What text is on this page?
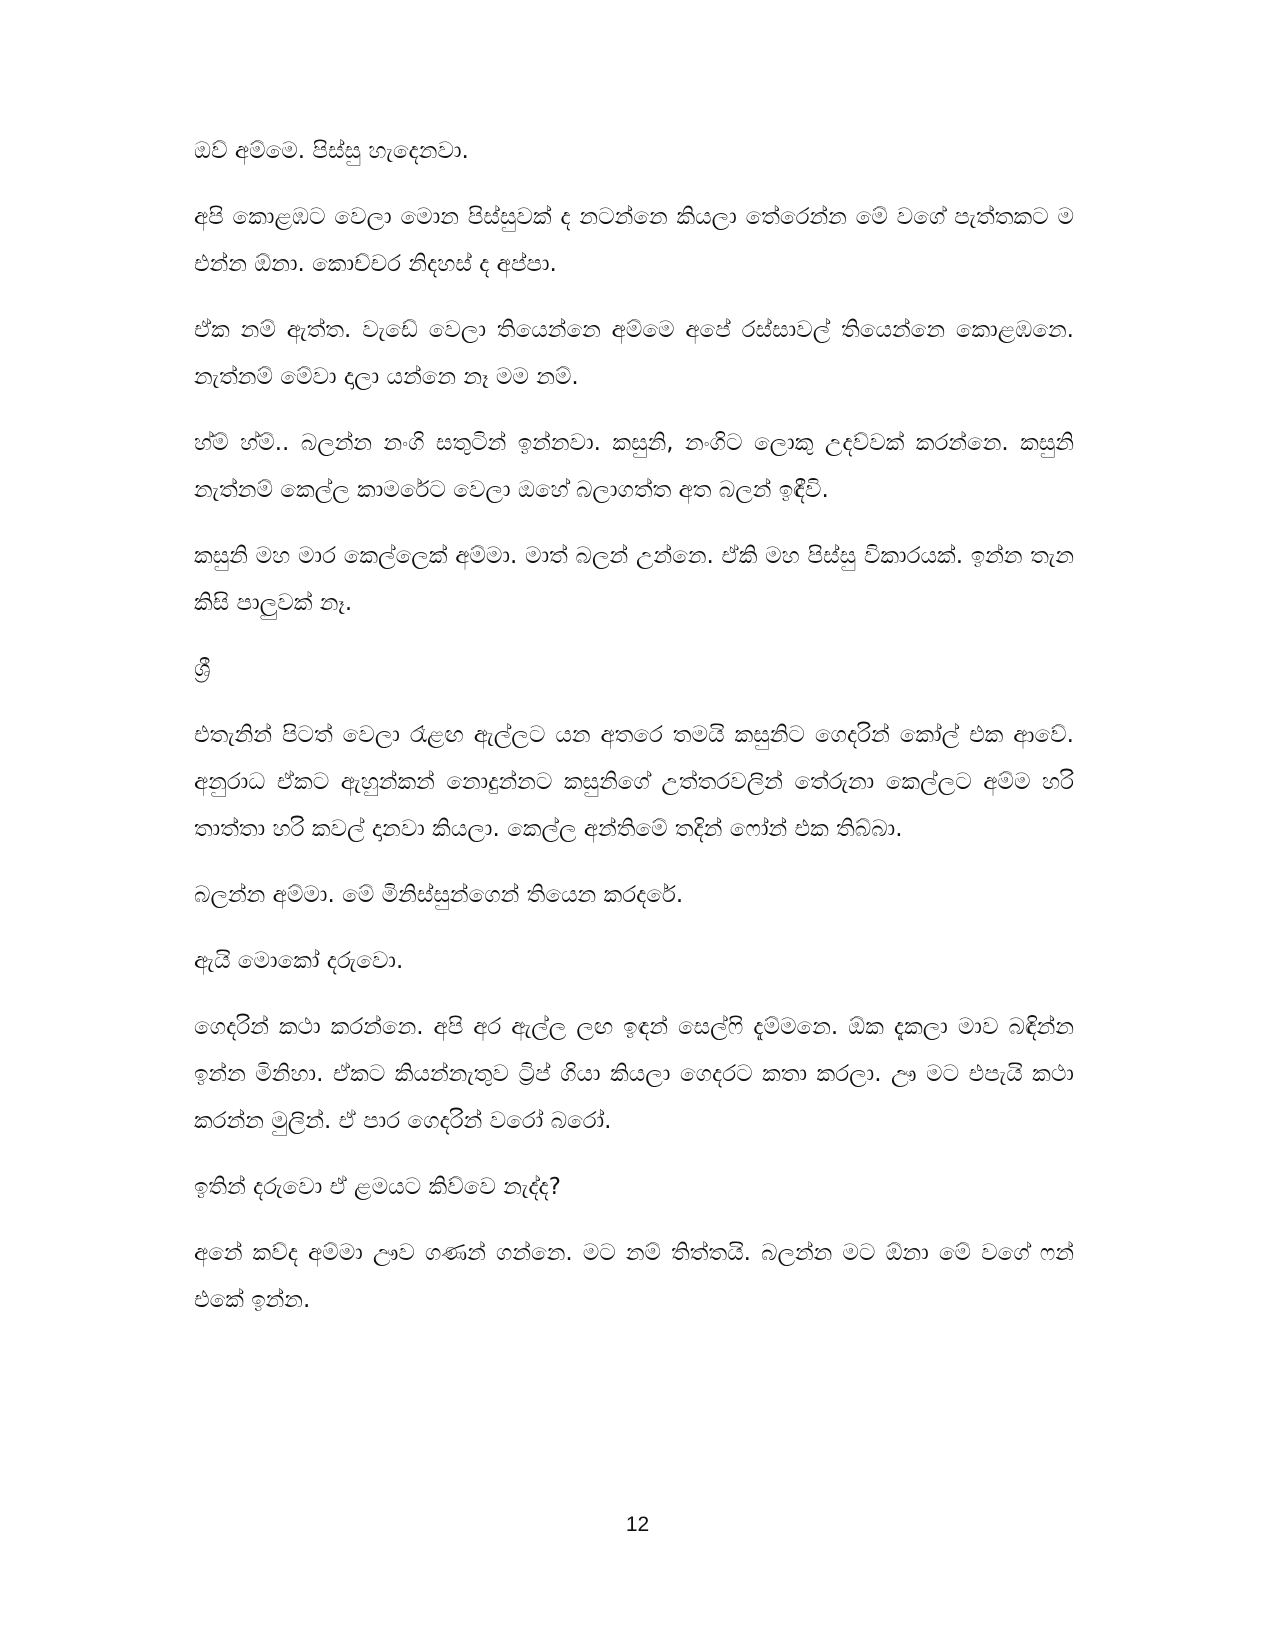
ඔව් අම්මෙ. පිස්සු හැදෙනවා.

අපි කොළඹට වෙලා මොන පිස්සුවක් ද නටන්නෙ කියලා තේරෙන්න මේ වගේ පැත්තකට ම එන්න ඕනා. කොච්චර නිදහස් ද අප්පා.

ඒක නම් ඇත්ත. වැඩේ වෙලා තියෙන්නෙ අම්මෙ අපේ රස්සාවල් තියෙන්නෙ කොළඹනෙ. නැත්නම් මේවා දාලා යන්නෙ නෑ මම නම්.

හ්ම් හ්ම්.. බලන්න නංගි සතුටින් ඉන්නවා. කසුනි, නංගිට ලොකු උදව්වක් කරන්නෙ. කසුනි නැත්නම් කෙල්ල කාමරේට වෙලා ඔහේ බලාගත්ත අත බලන් ඉඳීවි.

කසුනි මහ මාර කෙල්ලෙක් අම්මා. මාත් බලන් උන්නෙ. ඒකි මහ පිස්සු විකාරයක්. ඉන්න තැන කිසි පාලුවක් නෑ.

ශ්‍රී

එතැනින් පිටත් වෙලා රෑළඟ ඇල්ලට යන අතරෙ තමයි කසුනිට ගෙදරින් කෝල් එක ආවේ. අනුරාධ ඒකට ඇහුන්කන් නොදුන්නට කසුනිගේ උත්තරවලින් තේරුනා කෙල්ලට අම්ම හරි තාත්තා හරි කවල් දානවා කියලා. කෙල්ල අන්තිමේ තදින් ෆෝන් එක තිබ්බා.

බලන්න අම්මා. මේ මිනිස්සුන්ගෙන් තියෙන කරදරේ.

ඇයි මොකෝ දරුවො.

ගෙදරින් කථා කරන්නෙ. අපි අර ඇල්ල ලඟ ඉඳන් සෙල්ෆි දැම්මනෙ. ඕක දැකලා මාව බඳින්න ඉන්න මිනිහා. ඒකට කියන්නැතුව ට්‍රිප් ගියා කියලා ගෙදරට කතා කරලා. ඌ මට එපැයි කථා කරන්න මුලින්. ඒ පාර ගෙදරින් වරෝ බරෝ.

ඉතින් දරුවො ඒ ළමයට කිව්වෙ නැද්ද?

අනේ කව්ද අම්මා ඌව ගණන් ගන්නෙ. මට නම් තිත්තයි. බලන්න මට ඕනා මේ වගේ ෆන් එකේ ඉන්න.

12
